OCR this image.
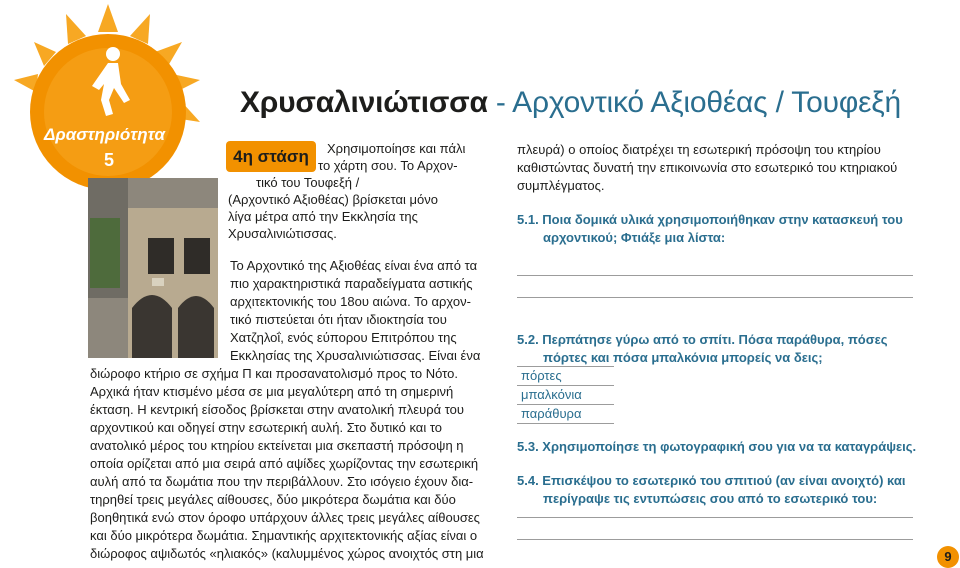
Δραστηριότητα
5
Χρυσαλινιώτισσα - Αρχοντικό Αξιοθέας / Τουφεξή
4η στάση	Χρησιμοποίησε και πάλι
το χάρτη σου. Το Αρχον-
τικό του Τουφεξή /
(Αρχοντικό Αξιοθέας) βρίσκεται μόνο
λίγα μέτρα από την Εκκλησία της
Χρυσαλινιώτισσας.
Το Αρχοντικό της Αξιοθέας είναι ένα από τα
πιο χαρακτηριστικά παραδείγματα αστικής
αρχιτεκτονικής του 18ου αιώνα. Το αρχον-
τικό πιστεύεται ότι ήταν ιδιοκτησία του
Χατζηλοΐ, ενός εύπορου Επιτρόπου της
Εκκλησίας της Χρυσαλινιώτισσας. Είναι ένα
διώροφο κτήριο σε σχήμα Π και προσανατολισμό προς το Νότο.
Αρχικά ήταν κτισμένο μέσα σε μια μεγαλύτερη από τη σημερινή
έκταση. Η κεντρική είσοδος βρίσκεται στην ανατολική πλευρά του
αρχοντικού και οδηγεί στην εσωτερική αυλή. Στο δυτικό και το
ανατολικό μέρος του κτηρίου εκτείνεται μια σκεπαστή πρόσοψη η
οποία ορίζεται από μια σειρά από αψίδες χωρίζοντας την εσωτερική
αυλή από τα δωμάτια που την περιβάλλουν. Στο ισόγειο έχουν δια-
τηρηθεί τρεις μεγάλες αίθουσες, δύο μικρότερα δωμάτια και δύο
βοηθητικά ενώ στον όροφο υπάρχουν άλλες τρεις μεγάλες αίθουσες
και δύο μικρότερα δωμάτια. Σημαντικής αρχιτεκτονικής αξίας είναι ο
διώροφος αψιδωτός «ηλιακός» (καλυμμένος χώρος ανοιχτός στη μια
πλευρά) ο οποίος διατρέχει τη εσωτερική πρόσοψη του κτηρίου
καθιστώντας δυνατή την επικοινωνία στο εσωτερικό του κτηριακού
συμπλέγματος.
5.1. Ποια δομικά υλικά χρησιμοποιήθηκαν στην κατασκευή του
αρχοντικού; Φτιάξε μια λίστα:
5.2. Περπάτησε γύρω από το σπίτι. Πόσα παράθυρα, πόσες
πόρτες και πόσα μπαλκόνια μπορείς να δεις;
πόρτες
μπαλκόνια
παράθυρα
5.3. Χρησιμοποίησε τη φωτογραφική σου για να τα καταγράψεις.
5.4. Επισκέψου το εσωτερικό του σπιτιού (αν είναι ανοιχτό) και
περίγραψε τις εντυπώσεις σου από το εσωτερικό του:
9
